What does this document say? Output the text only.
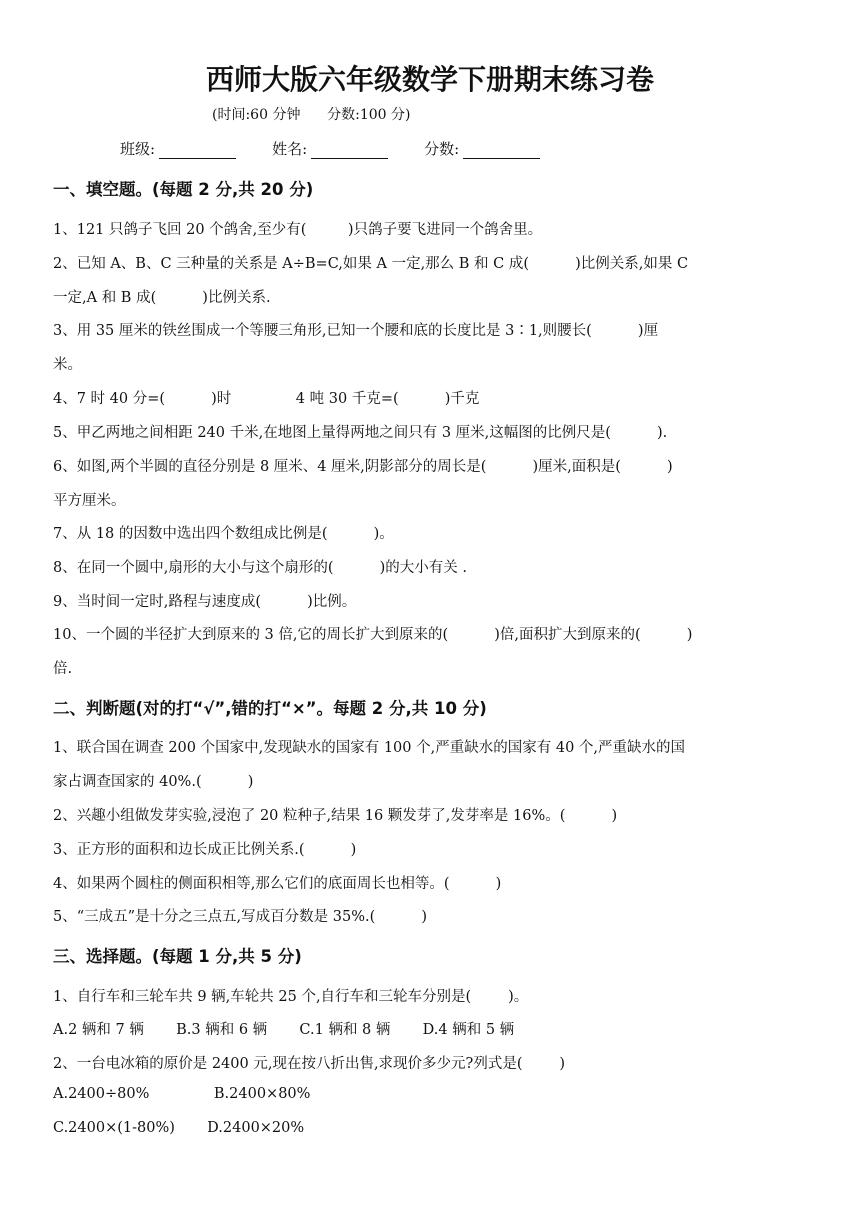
西师大版六年级数学下册期末练习卷
(时间:60 分钟      分数:100 分)
班级:	姓名:	分数:
一、填空题。(每题 2 分,共 20 分)
1、121 只鸽子飞回 20 个鸽舍,至少有(         )只鸽子要飞进同一个鸽舍里。
2、已知 A、B、C 三种量的关系是 A÷B=C,如果 A 一定,那么 B 和 C 成(          )比例关系,如果 C
一定,A 和 B 成(          )比例关系.
3、用 35 厘米的铁丝围成一个等腰三角形,已知一个腰和底的长度比是 3∶1,则腰长(          )厘
米。
4、7 时 40 分=(          )时              4 吨 30 千克=(          )千克
5、甲乙两地之间相距 240 千米,在地图上量得两地之间只有 3 厘米,这幅图的比例尺是(          ).
6、如图,两个半圆的直径分别是 8 厘米、4 厘米,阴影部分的周长是(          )厘米,面积是(          )
平方厘米。
7、从 18 的因数中选出四个数组成比例是(          )。
8、在同一个圆中,扇形的大小与这个扇形的(          )的大小有关 .
9、当时间一定时,路程与速度成(          )比例。
10、一个圆的半径扩大到原来的 3 倍,它的周长扩大到原来的(          )倍,面积扩大到原来的(          )
倍.
二、判断题(对的打“√”,错的打“×”。每题 2 分,共 10 分)
1、联合国在调查 200 个国家中,发现缺水的国家有 100 个,严重缺水的国家有 40 个,严重缺水的国
家占调查国家的 40%.(          )
2、兴趣小组做发芽实验,浸泡了 20 粒种子,结果 16 颗发芽了,发芽率是 16%。(          )
3、正方形的面积和边长成正比例关系.(          )
4、如果两个圆柱的侧面积相等,那么它们的底面周长也相等。(          )
5、“三成五”是十分之三点五,写成百分数是 35%.(          )
三、选择题。(每题 1 分,共 5 分)
1、自行车和三轮车共 9 辆,车轮共 25 个,自行车和三轮车分别是(        )。
A.2 辆和 7 辆       B.3 辆和 6 辆       C.1 辆和 8 辆       D.4 辆和 5 辆
2、一台电冰箱的原价是 2400 元,现在按八折出售,求现价多少元?列式是(        )
A.2400÷80%              B.2400×80%
C.2400×(1-80%)       D.2400×20%
